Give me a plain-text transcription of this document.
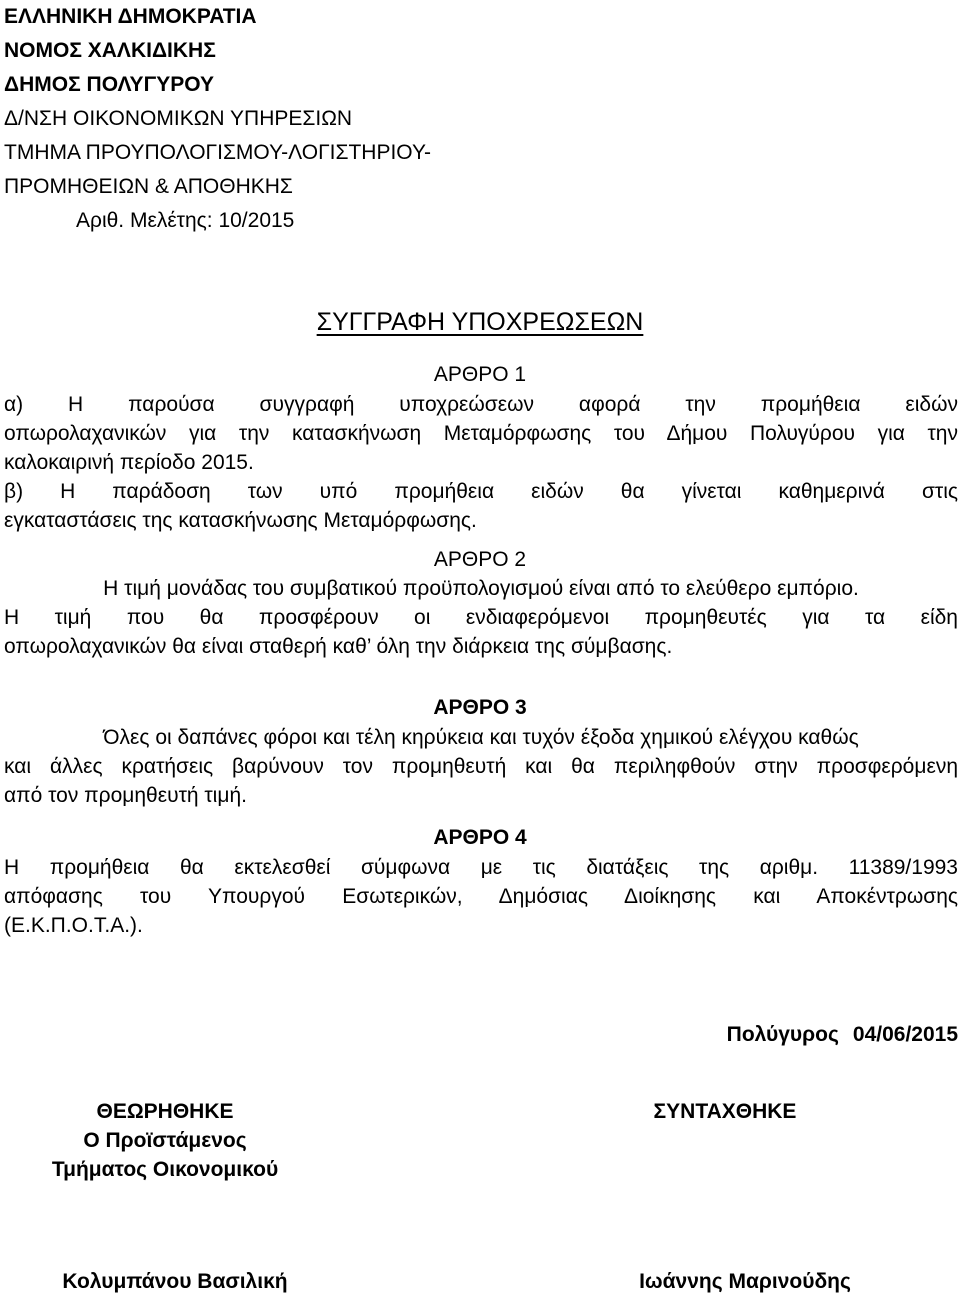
ΕΛΛΗΝΙΚΗ ΔΗΜΟΚΡΑΤΙΑ
ΝΟΜΟΣ ΧΑΛΚΙΔΙΚΗΣ
ΔΗΜΟΣ ΠΟΛΥΓΥΡΟΥ
Δ/ΝΣΗ ΟΙΚΟΝΟΜΙΚΩΝ ΥΠΗΡΕΣΙΩΝ
ΤΜΗΜΑ ΠΡΟΥΠΟΛΟΓΙΣΜΟΥ-ΛΟΓΙΣΤΗΡΙΟΥ-
ΠΡΟΜΗΘΕΙΩΝ & ΑΠΟΘΗΚΗΣ
Αριθ. Μελέτης: 10/2015
ΣΥΓΓΡΑΦΗ ΥΠΟΧΡΕΩΣΕΩΝ
ΑΡΘΡΟ 1
α) Η παρούσα συγγραφή υποχρεώσεων αφορά την προμήθεια ειδών
οπωρολαχανικών για την κατασκήνωση Μεταμόρφωσης του Δήμου Πολυγύρου για την
καλοκαιρινή περίοδο 2015.
β) Η παράδοση των υπό προμήθεια ειδών θα γίνεται καθημερινά στις
εγκαταστάσεις της κατασκήνωσης Μεταμόρφωσης.
ΑΡΘΡΟ 2
Η τιμή μονάδας του συμβατικού προϋπολογισμού είναι από το ελεύθερο εμπόριο.
Η τιμή που θα προσφέρουν οι ενδιαφερόμενοι προμηθευτές για τα είδη
οπωρολαχανικών θα είναι σταθερή καθ’ όλη την διάρκεια της σύμβασης.
ΑΡΘΡΟ 3
Όλες οι δαπάνες φόροι και τέλη κηρύκεια και τυχόν έξοδα χημικού ελέγχου καθώς
και άλλες κρατήσεις βαρύνουν τον προμηθευτή και θα περιληφθούν στην προσφερόμενη
από τον προμηθευτή τιμή.
ΑΡΘΡΟ 4
Η προμήθεια θα εκτελεσθεί σύμφωνα με τις διατάξεις της αριθμ. 11389/1993
απόφασης του Υπουργού Εσωτερικών, Δημόσιας Διοίκησης και Αποκέντρωσης
(Ε.Κ.Π.Ο.Τ.Α.).
Πολύγυρος 04/06/2015
ΘΕΩΡΗΘΗΚΕ
Ο Προϊστάμενος
Τμήματος Οικονομικού
Κολυμπάνου Βασιλική
ΣΥΝΤΑΧΘΗΚΕ
Ιωάννης Μαρινούδης
